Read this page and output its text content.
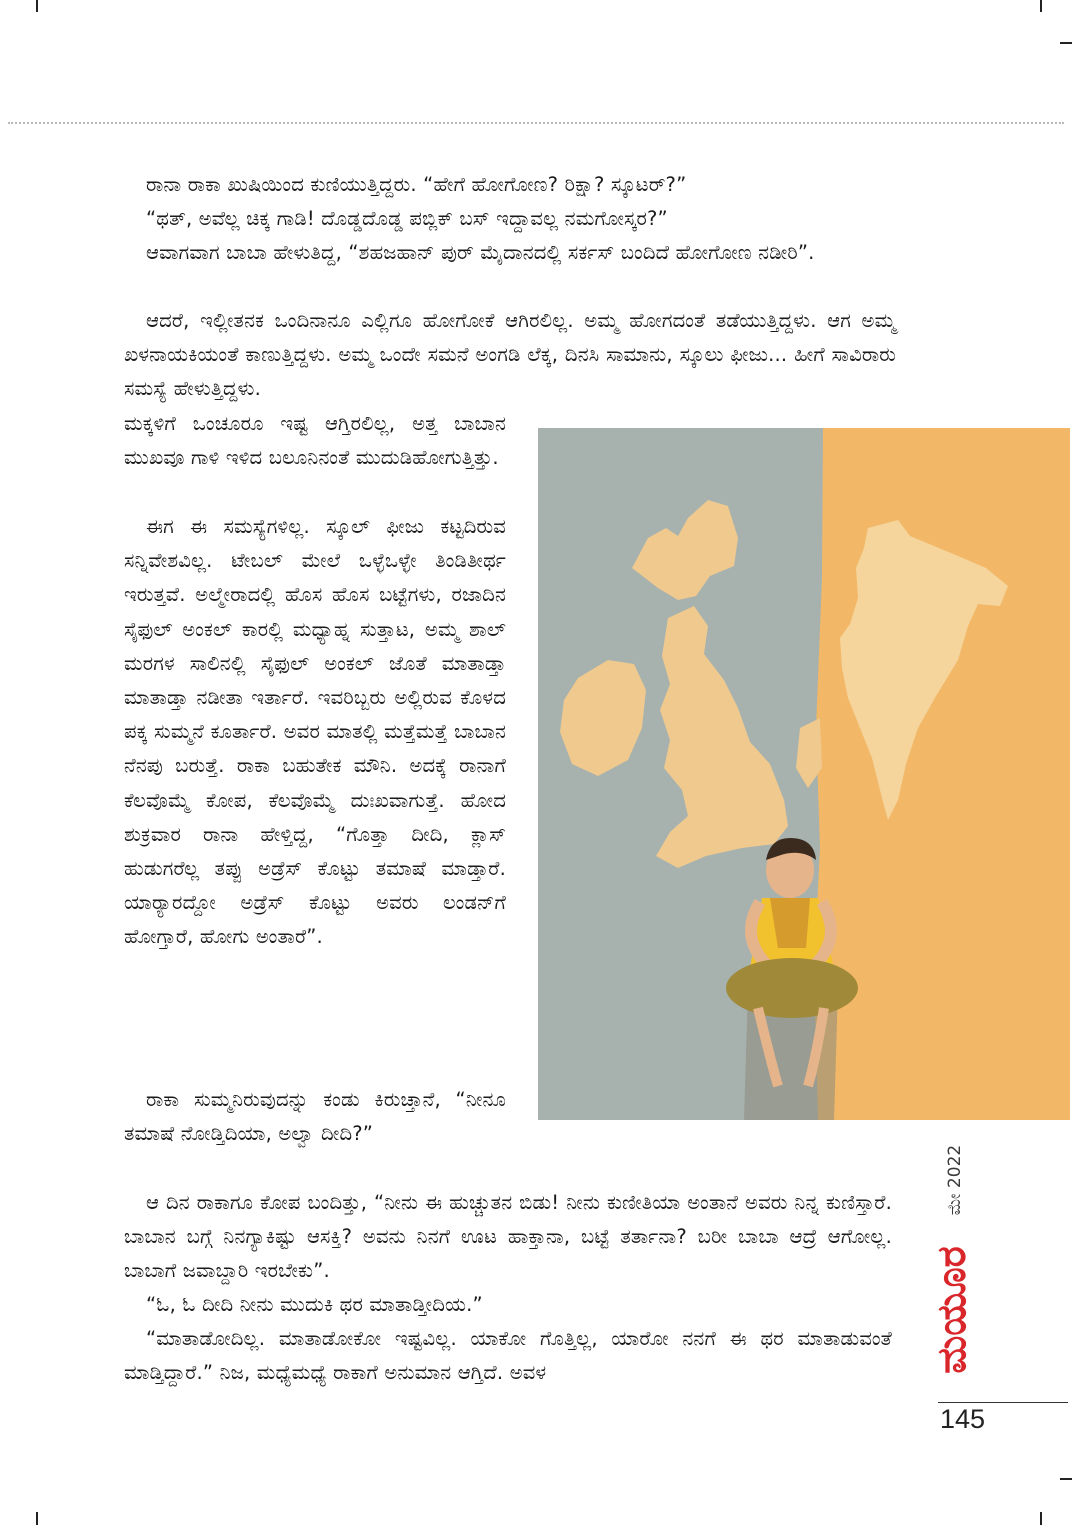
ರಾನಾ ರಾಕಾ ಖುಷಿಯಿಂದ ಕುಣಿಯುತ್ತಿದ್ದರು. “ಹೇಗೆ ಹೋಗೋಣ? ರಿಕ್ಷಾ? ಸ್ಕೂಟರ್?”

“ಥತ್, ಅವೆಲ್ಲ ಚಿಕ್ಕ ಗಾಡಿ! ದೊಡ್ಡದೊಡ್ಡ ಪಬ್ಲಿಕ್ ಬಸ್ ಇದ್ದಾವಲ್ಲ ನಮಗೋಸ್ಕರ?”

ಆವಾಗವಾಗ ಬಾಬಾ ಹೇಳುತಿದ್ದ, “ಶಹಜಹಾನ್ ಪುರ್ ಮೈದಾನದಲ್ಲಿ ಸರ್ಕಸ್ ಬಂದಿದೆ ಹೋಗೋಣ ನಡೀರಿ”.

ಆದರೆ, ಇಲ್ಲೀತನಕ ಒಂದಿನಾನೂ ಎಲ್ಲಿಗೂ ಹೋಗೋಕೆ ಆಗಿರಲಿಲ್ಲ. ಅಮ್ಮ ಹೋಗದಂತೆ ತಡೆಯುತ್ತಿದ್ದಳು. ಆಗ ಅಮ್ಮ ಖಳನಾಯಕಿಯಂತೆ ಕಾಣುತ್ತಿದ್ದಳು. ಅಮ್ಮ ಒಂದೇ ಸಮನೆ ಅಂಗಡಿ ಲೆಕ್ಕ, ದಿನಸಿ ಸಾಮಾನು, ಸ್ಕೂಲು ಫೀಜು... ಹೀಗೆ ಸಾವಿರಾರು ಸಮಸ್ಯೆ ಹೇಳುತ್ತಿದ್ದಳು.

ಮಕ್ಕಳಿಗೆ ಒಂಚೂರೂ ಇಷ್ಟ ಆಗ್ತಿರಲಿಲ್ಲ, ಅತ್ತ ಬಾಬಾನ ಮುಖವೂ ಗಾಳಿ ಇಳಿದ ಬಲೂನಿನಂತೆ ಮುದುಡಿಹೋಗುತ್ತಿತ್ತು.

ಈಗ ಈ ಸಮಸ್ಯೆಗಳಿಲ್ಲ. ಸ್ಕೂಲ್ ಫೀಜು ಕಟ್ಟದಿರುವ ಸನ್ನಿವೇಶವಿಲ್ಲ. ಟೇಬಲ್ ಮೇಲೆ ಒಳ್ಳೆಒಳ್ಳೇ ತಿಂಡಿತೀರ್ಥ ಇರುತ್ತವೆ. ಅಲ್ಮೇರಾದಲ್ಲಿ ಹೊಸ ಹೊಸ ಬಟ್ಟೆಗಳು, ರಜಾದಿನ ಸೈಫುಲ್ ಅಂಕಲ್ ಕಾರಲ್ಲಿ ಮಧ್ಯಾಹ್ನ ಸುತ್ತಾಟ, ಅಮ್ಮ ಶಾಲ್ ಮರಗಳ ಸಾಲಿನಲ್ಲಿ ಸೈಫುಲ್ ಅಂಕಲ್ ಜೊತೆ ಮಾತಾಡ್ತಾ ಮಾತಾಡ್ತಾ ನಡೀತಾ ಇರ್ತಾರೆ. ಇವರಿಬ್ಬರು ಅಲ್ಲಿರುವ ಕೊಳದ ಪಕ್ಕ ಸುಮ್ಮನೆ ಕೂರ್ತಾರೆ. ಅವರ ಮಾತಲ್ಲಿ ಮತ್ತೆಮತ್ತೆ ಬಾಬಾನ ನೆನಪು ಬರುತ್ತೆ. ರಾಕಾ ಬಹುತೇಕ ಮೌನಿ. ಅದಕ್ಕೆ ರಾನಾಗೆ ಕೆಲವೊಮ್ಮೆ ಕೋಪ, ಕೆಲವೊಮ್ಮೆ ದುಃಖವಾಗುತ್ತೆ. ಹೋದ ಶುಕ್ರವಾರ ರಾನಾ ಹೇಳ್ತಿದ್ದ, “ಗೊತ್ತಾ ದೀದಿ, ಕ್ಲಾಸ್ ಹುಡುಗರೆಲ್ಲ ತಪ್ಪು ಅಡ್ರೆಸ್ ಕೊಟ್ಟು ತಮಾಷೆ ಮಾಡ್ತಾರೆ. ಯಾರ್‍ಯಾರದ್ದೋ ಅಡ್ರೆಸ್ ಕೊಟ್ಟು ಅವರು ಲಂಡನ್‌ಗೆ ಹೋಗ್ತಾರೆ, ಹೋಗು ಅಂತಾರೆ”.

ರಾಕಾ ಸುಮ್ಮನಿರುವುದನ್ನು ಕಂಡು ಕಿರುಚ್ತಾನೆ, “ನೀನೂ ತಮಾಷೆ ನೋಡ್ತಿದಿಯಾ, ಅಲ್ವಾ ದೀದಿ?”

ಆ ದಿನ ರಾಕಾಗೂ ಕೋಪ ಬಂದಿತ್ತು, “ನೀನು ಈ ಹುಚ್ಚುತನ ಬಿಡು! ನೀನು ಕುಣೀತಿಯಾ ಅಂತಾನೆ ಅವರು ನಿನ್ನ ಕುಣಿಸ್ತಾರೆ. ಬಾಬಾನ ಬಗ್ಗೆ ನಿನಗ್ಯಾಕಿಷ್ಟು ಆಸಕ್ತಿ? ಅವನು ನಿನಗೆ ಊಟ ಹಾಕ್ತಾನಾ, ಬಟ್ಟೆ ತರ್ತಾನಾ? ಬರೀ ಬಾಬಾ ಆದ್ರೆ ಆಗೋಲ್ಲ. ಬಾಬಾಗೆ ಜವಾಬ್ದಾರಿ ಇರಬೇಕು”.

“ಓ, ಓ ದೀದಿ ನೀನು ಮುದುಕಿ ಥರ ಮಾತಾಡ್ತೀದಿಯ.”

“ಮಾತಾಡೋದಿಲ್ಲ. ಮಾತಾಡೋಕೋ ಇಷ್ಟವಿಲ್ಲ. ಯಾಕೋ ಗೊತ್ತಿಲ್ಲ, ಯಾರೋ ನನಗೆ ಈ ಥರ ಮಾತಾಡುವಂತೆ ಮಾಡ್ತಿದ್ದಾರೆ.” ನಿಜ, ಮಧ್ಯೆಮಧ್ಯೆ ರಾಕಾಗೆ ಅನುಮಾನ ಆಗ್ತಿದೆ. ಅವಳ

ಮೇ 2022
ಮಯೂರ
145
